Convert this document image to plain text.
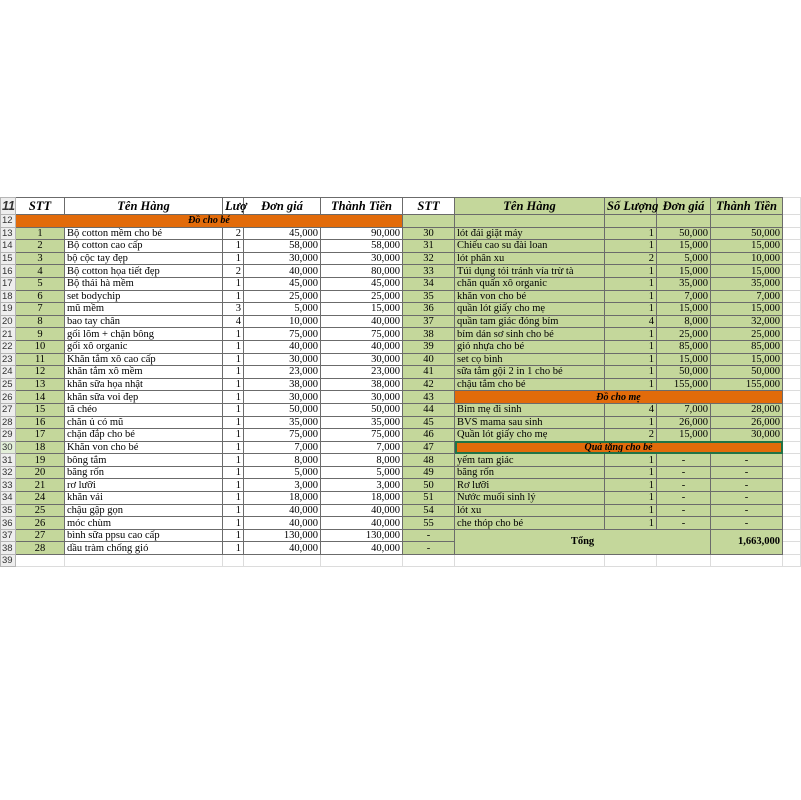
11	STT	Tên Hàng	Lượ	Đơn giá	Thành Tiền	STT	Tên Hàng	Số Lượng	Đơn giá	Thành Tiền	
12	Đồ cho bé										
13	1	Bộ cotton mềm cho bé	2	45,000	90,000	30	lót đái giặt máy	1	50,000	50,000	
14	2	Bộ cotton cao cấp	1	58,000	58,000	31	Chiếu cao su đài loan	1	15,000	15,000	
15	3	bộ cộc tay đẹp	1	30,000	30,000	32	lót phân xu	2	5,000	10,000	
16	4	Bộ cotton họa tiết đẹp	2	40,000	80,000	33	Túi dụng tỏi tránh vía trừ tà	1	15,000	15,000	
17	5	Bộ thái hà mềm	1	45,000	45,000	34	chăn quấn xô organic	1	35,000	35,000	
18	6	set bodychip	1	25,000	25,000	35	khăn von cho bé	1	7,000	7,000	
19	7	mũ mềm	3	5,000	15,000	36	quần lót giấy cho mẹ	1	15,000	15,000	
20	8	bao tay chân	4	10,000	40,000	37	quần tam giác đóng bỉm	4	8,000	32,000	
21	9	gối lõm + chặn bông	1	75,000	75,000	38	bỉm dán sơ sinh cho bé	1	25,000	25,000	
22	10	gối xô organic	1	40,000	40,000	39	giỏ nhựa cho bé	1	85,000	85,000	
23	11	Khăn tắm xô cao cấp	1	30,000	30,000	40	set cọ bình	1	15,000	15,000	
24	12	khăn tắm xô mềm	1	23,000	23,000	41	sữa tắm gội 2 in 1 cho bé	1	50,000	50,000	
25	13	khăn sữa họa nhật	1	38,000	38,000	42	chậu tắm cho bé	1	155,000	155,000	
26	14	khăn sữa voi đẹp	1	30,000	30,000	43	Đồ cho mẹ				
27	15	tã chéo	1	50,000	50,000	44	Bỉm mẹ đi sinh	4	7,000	28,000	
28	16	chăn ủ có mũ	1	35,000	35,000	45	BVS mama sau sinh	1	26,000	26,000	
29	17	chặn đắp cho bé	1	75,000	75,000	46	Quần lót giấy cho mẹ	2	15,000	30,000	
30	18	Khăn von cho bé	1	7,000	7,000	47	Quà tặng cho bé				
31	19	bông tắm	1	8,000	8,000	48	yếm tam giác	1	-	-	
32	20	băng rốn	1	5,000	5,000	49	băng rốn	1	-	-	
33	21	rơ lưỡi	1	3,000	3,000	50	Rơ lưỡi	1	-	-	
34	24	khăn vải	1	18,000	18,000	51	Nước muối sinh lý	1	-	-	
35	25	chậu gập gọn	1	40,000	40,000	54	lót xu	1	-	-	
36	26	móc chùm	1	40,000	40,000	55	che thóp cho bé	1	-	-	
37	27	bình sữa ppsu cao cấp	1	130,000	130,000	-	Tổng			1,663,000	
38	28	dầu tràm chống gió	1	40,000	40,000	-					
39											
